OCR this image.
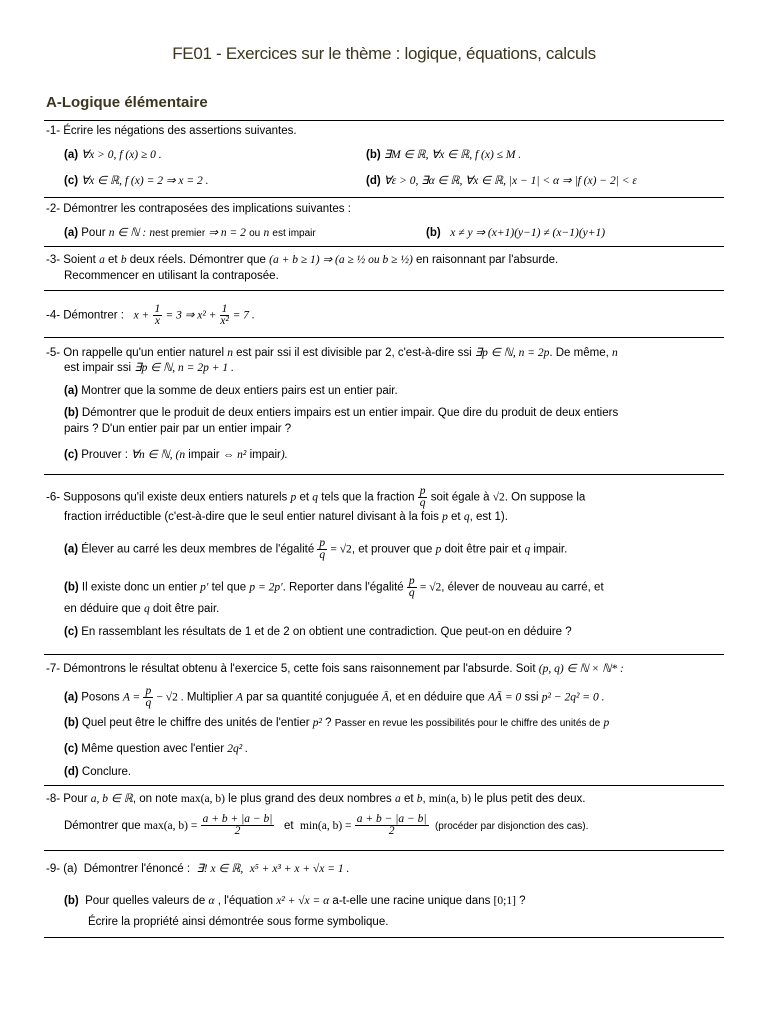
FE01 - Exercices sur le thème : logique, équations, calculs
A-Logique élémentaire
-1- Écrire les négations des assertions suivantes.
(a) ∀x > 0, f (x) ≥ 0 .	(b) ∃M ∈ ℝ, ∀x ∈ ℝ, f (x) ≤ M .
(c) ∀x ∈ ℝ, f (x) = 2 ⇒ x = 2 .	(d) ∀ε > 0, ∃α ∈ ℝ, ∀x ∈ ℝ, |x − 1| < α ⇒ |f (x) − 2| < ε
-2- Démontrer les contraposées des implications suivantes :
(a) Pour n ∈ ℕ : nest premier ⇒ n = 2 ou n est impair	(b) x ≠ y ⇒ (x+1)(y−1) ≠ (x−1)(y+1)
-3- Soient a et b deux réels. Démontrer que (a + b ≥ 1) ⇒ (a ≥ ½ ou b ≥ ½) en raisonnant par l'absurde.
Recommencer en utilisant la contraposée.
-4- Démontrer : $x + \frac{1}{x} = 3$ ⇒ $x^2 + \frac{1}{\text{x²}} = 7$ .
-5- On rappelle qu'un entier naturel n est pair ssi il est divisible par 2, c'est-à-dire ssi ∃p ∈ ℕ, n = 2p. De même, n
est impair ssi ∃p ∈ ℕ, n = 2p + 1 .
(a) Montrer que la somme de deux entiers pairs est un entier pair.
(b) Démontrer que le produit de deux entiers impairs est un entier impair. Que dire du produit de deux entiers
pairs ? D'un entier pair par un entier impair ?
(c) Prouver : ∀n ∈ ℕ, (n impair ⇔ n² impair).
-6- Supposons qu'il existe deux entiers naturels p et q tels que la fraction $\frac{p}{q}$ soit égale à √2. On suppose la
fraction irréductible (c'est-à-dire que le seul entier naturel divisant à la fois p et q, est 1).
(a) Élever au carré les deux membres de l'égalité $\frac{p}{q} = √2$, et prouver que p doit être pair et q impair.
(b) Il existe donc un entier p' tel que p = 2p'. Reporter dans l'égalité $\frac{p}{q} = √2$, élever de nouveau au carré, et
en déduire que q doit être pair.
(c) En rassemblant les résultats de 1 et de 2 on obtient une contradiction. Que peut-on en déduire ?
-7- Démontrons le résultat obtenu à l'exercice 5, cette fois sans raisonnement par l'absurde. Soit (p, q) ∈ ℕ × ℕ* :
(a) Posons $A = \frac{p}{q} - √2$ . Multiplier A par sa quantité conjuguée Ā, et en déduire que AĀ = 0 ssi p² − 2q² = 0 .
(b) Quel peut être le chiffre des unités de l'entier p² ? Passer en revue les possibilités pour le chiffre des unités de p
(c) Même question avec l'entier 2q² .
(d) Conclure.
-8- Pour a, b ∈ ℝ, on note max(a, b) le plus grand des deux nombres a et b, min(a, b) le plus petit des deux.
Démontrer que max(a, $b) = \frac{a + b + |a - b|}{2}$ et min(a, $b) = \frac{a + b - |a - b|}{2}$ (procéder par disjonction des cas).
-9- (a) Démontrer l'énoncé : ∃! x ∈ ℝ, x⁵ + x³ + x + √x = 1 .
(b) Pour quelles valeurs de α , l'équation x² + √x = α a-t-elle une racine unique dans [0;1] ?
Écrire la propriété ainsi démontrée sous forme symbolique.
